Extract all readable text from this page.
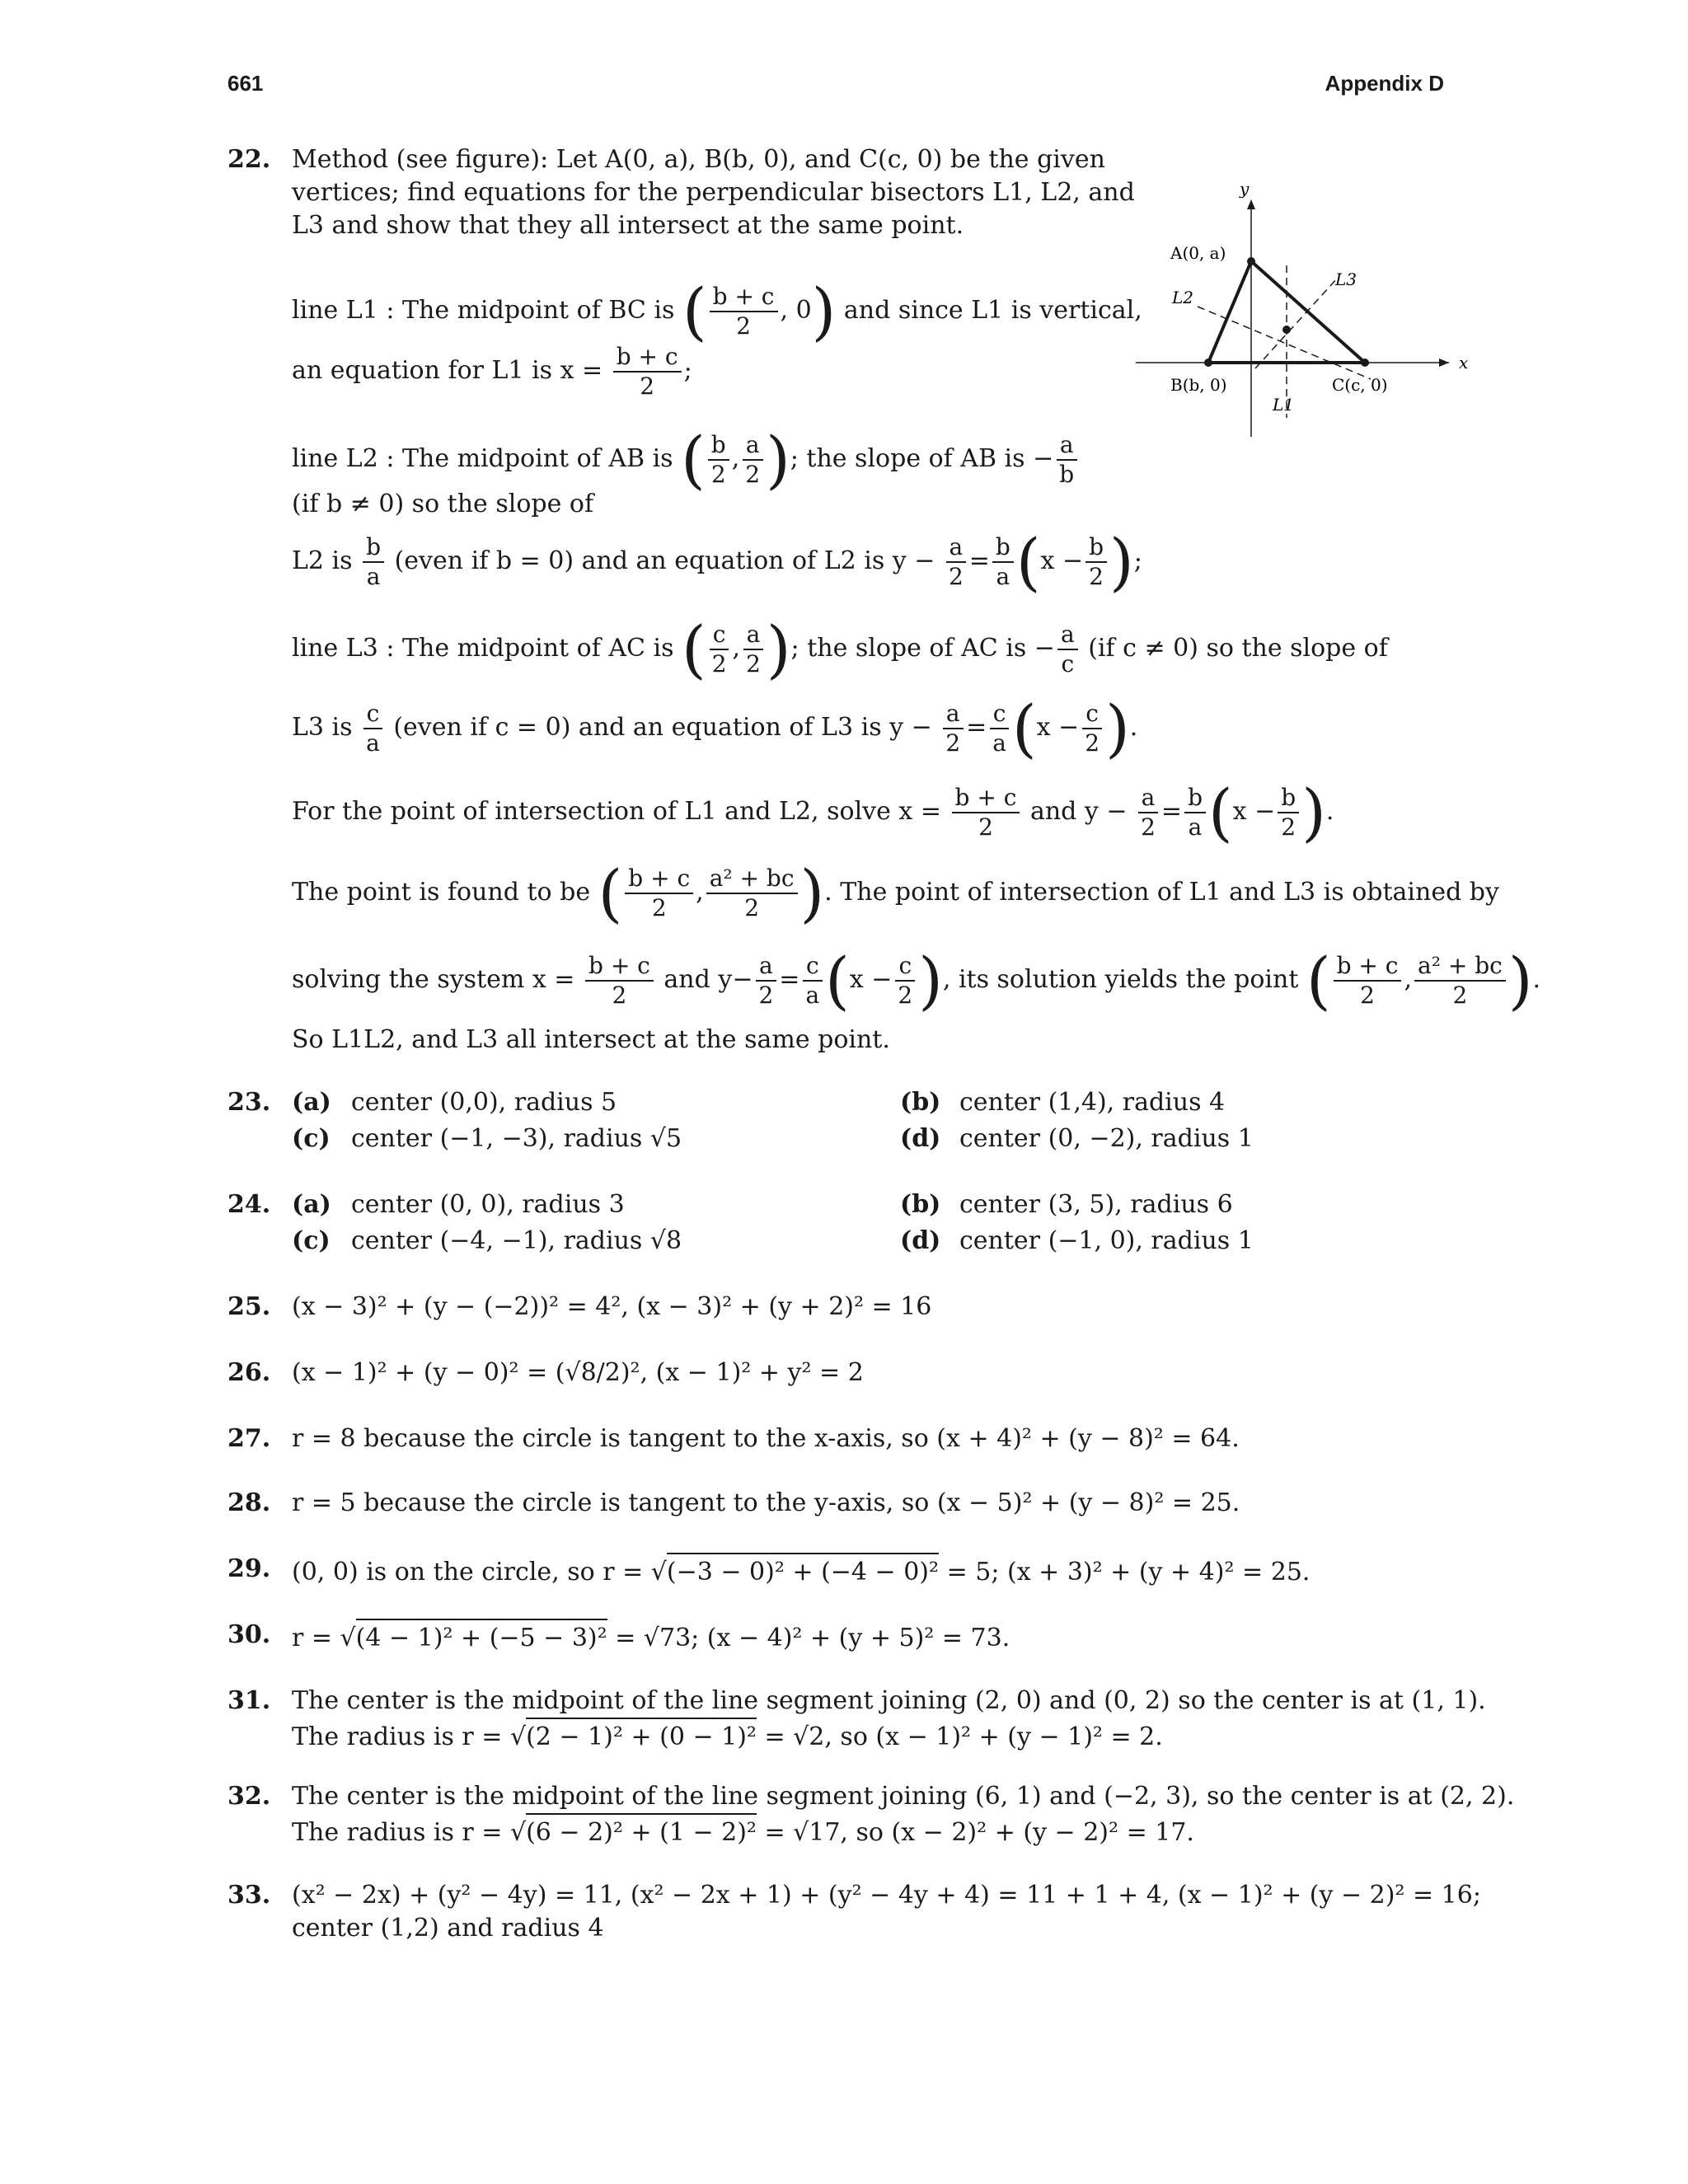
661	Appendix D
22. Method (see figure): Let A(0, a), B(b, 0), and C(c, 0) be the given
vertices; find equations for the perpendicular bisectors L1, L2, and
L3 and show that they all intersect at the same point.
line L1 : The midpoint of BC is ( $\frac{b + c}{2}$ , 0) and since L1 is vertical,
an equation for L1 is $x = \frac{b + c}{2}$ ;
line L2 : The midpoint of AB is ( $\frac{b}{2}$ , $\frac{a}{2}$ ); the slope of AB is − $\frac{a}{b}$
(if b ≠ 0) so the slope of
L2 is $\frac{b}{a}$ (even if b = 0) and an equation of L2 is $y - \frac{a}{2} = \frac{b}{a} (x - \frac{b}{2}$ );
line L3 : The midpoint of AC is ( $\frac{c}{2}$ , $\frac{a}{2}$ ); the slope of AC is − $\frac{a}{c} (if$ c ≠ 0) so the slope of
L3 is $\frac{c}{a}$ (even if c = 0) and an equation of L3 is $y - \frac{a}{2} = \frac{c}{a} (x - \frac{c}{2}$ ).
For the point of intersection of L1 and L2, solve $x = \frac{b + c}{2}$ and $y - \frac{a}{2} = \frac{b}{a} (x - \frac{b}{2}$ ).
The point is found to be ( $\frac{b + c}{2}$ , $\frac{\text{a² + bc}}{2}$ ). The point of intersection of L1 and L3 is obtained by
solving the system $x = \frac{b + c}{2}$ and $y- \frac{a}{2} = \frac{c}{a} (x - \frac{c}{2}$ ), its solution yields the point ( $\frac{b + c}{2}$ , $\frac{\text{a² + bc}}{2}$ ).
So L1L2, and L3 all intersect at the same point.
y
x
A(0, a)
B(b, 0)	C(c, 0)
L1
L2
L3
23. (a) center (0,0), radius 5	(b) center (1,4), radius 4
(c) center (−1, −3), radius √5	(d) center (0, −2), radius 1
24. (a) center (0, 0), radius 3	(b) center (3, 5), radius 6
(c) center (−4, −1), radius √8	(d) center (−1, 0), radius 1
25. (x − 3)² + (y − (−2))² = 4², (x − 3)² + (y + 2)² = 16
26. (x − 1)² + (y − 0)² = (√8/2)², (x − 1)² + y² = 2
27. r = 8 because the circle is tangent to the x-axis, so (x + 4)² + (y − 8)² = 64.
28. r = 5 because the circle is tangent to the y-axis, so (x − 5)² + (y − 8)² = 25.
29. (0, 0) is on the circle, so r = √(−3 − 0)² + (−4 − 0)² = 5; (x + 3)² + (y + 4)² = 25.
30. r = √(4 − 1)² + (−5 − 3)² = √73; (x − 4)² + (y + 5)² = 73.
31. The center is the midpoint of the line segment joining (2, 0) and (0, 2) so the center is at (1, 1).
The radius is r = √(2 − 1)² + (0 − 1)² = √2, so (x − 1)² + (y − 1)² = 2.
32. The center is the midpoint of the line segment joining (6, 1) and (−2, 3), so the center is at (2, 2).
The radius is r = √(6 − 2)² + (1 − 2)² = √17, so (x − 2)² + (y − 2)² = 17.
33. (x² − 2x) + (y² − 4y) = 11, (x² − 2x + 1) + (y² − 4y + 4) = 11 + 1 + 4, (x − 1)² + (y − 2)² = 16;
center (1,2) and radius 4
